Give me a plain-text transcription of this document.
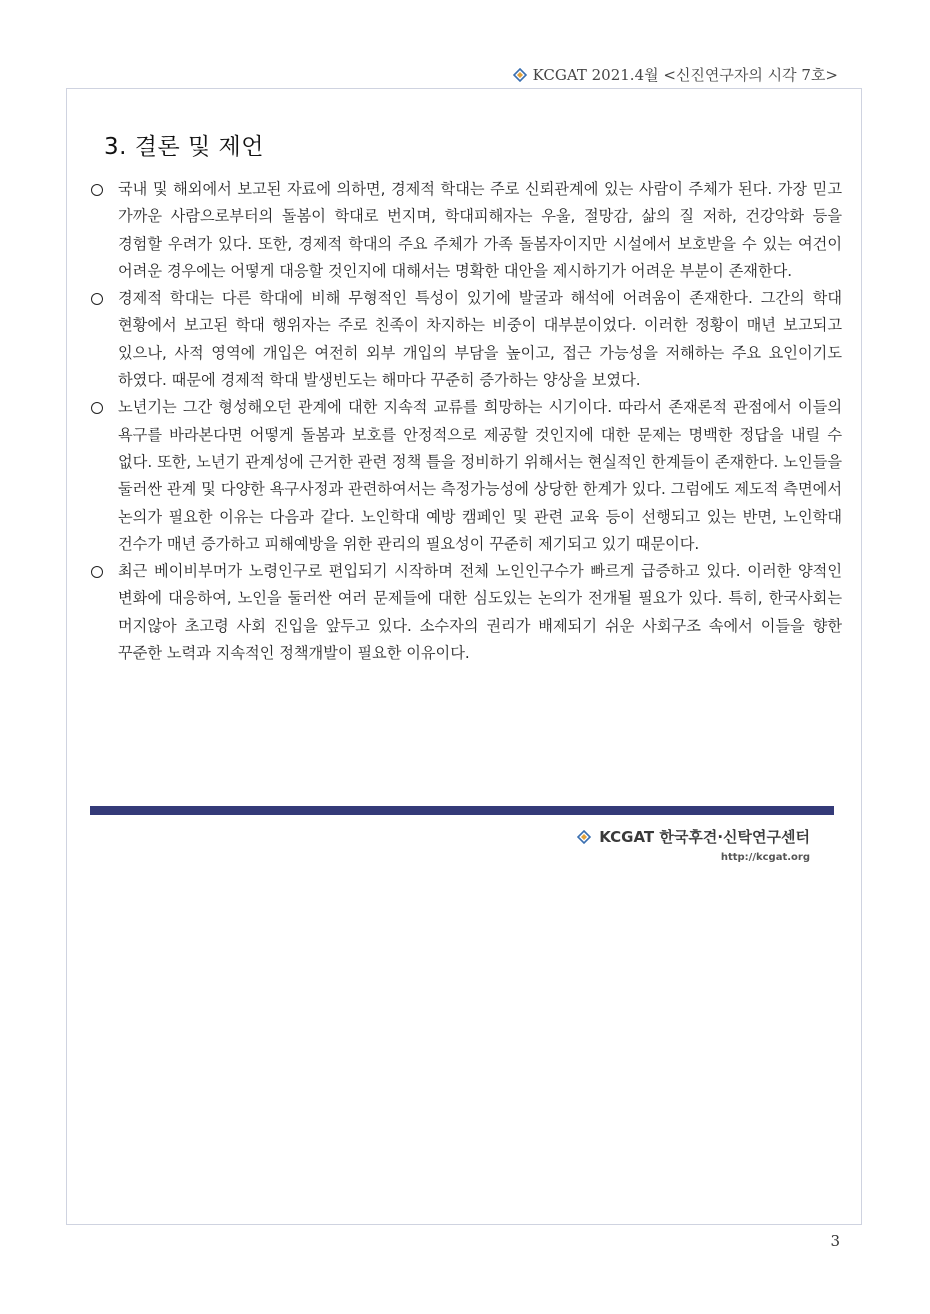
KCGAT 2021.4월 <신진연구자의 시각 7호>
3. 결론 및 제언
국내 및 해외에서 보고된 자료에 의하면, 경제적 학대는 주로 신뢰관계에 있는 사람이 주체가 된다. 가장 믿고 가까운 사람으로부터의 돌봄이 학대로 번지며, 학대피해자는 우울, 절망감, 삶의 질 저하, 건강악화 등을 경험할 우려가 있다. 또한, 경제적 학대의 주요 주체가 가족 돌봄자이지만 시설에서 보호받을 수 있는 여건이 어려운 경우에는 어떻게 대응할 것인지에 대해서는 명확한 대안을 제시하기가 어려운 부분이 존재한다.
경제적 학대는 다른 학대에 비해 무형적인 특성이 있기에 발굴과 해석에 어려움이 존재한다. 그간의 학대 현황에서 보고된 학대 행위자는 주로 친족이 차지하는 비중이 대부분이었다. 이러한 정황이 매년 보고되고 있으나, 사적 영역에 개입은 여전히 외부 개입의 부담을 높이고, 접근 가능성을 저해하는 주요 요인이기도 하였다. 때문에 경제적 학대 발생빈도는 해마다 꾸준히 증가하는 양상을 보였다.
노년기는 그간 형성해오던 관계에 대한 지속적 교류를 희망하는 시기이다. 따라서 존재론적 관점에서 이들의 욕구를 바라본다면 어떻게 돌봄과 보호를 안정적으로 제공할 것인지에 대한 문제는 명백한 정답을 내릴 수 없다. 또한, 노년기 관계성에 근거한 관련 정책 틀을 정비하기 위해서는 현실적인 한계들이 존재한다. 노인들을 둘러싼 관계 및 다양한 욕구사정과 관련하여서는 측정가능성에 상당한 한계가 있다. 그럼에도 제도적 측면에서 논의가 필요한 이유는 다음과 같다. 노인학대 예방 캠페인 및 관련 교육 등이 선행되고 있는 반면, 노인학대 건수가 매년 증가하고 피해예방을 위한 관리의 필요성이 꾸준히 제기되고 있기 때문이다.
최근 베이비부머가 노령인구로 편입되기 시작하며 전체 노인인구수가 빠르게 급증하고 있다. 이러한 양적인 변화에 대응하여, 노인을 둘러싼 여러 문제들에 대한 심도있는 논의가 전개될 필요가 있다. 특히, 한국사회는 머지않아 초고령 사회 진입을 앞두고 있다. 소수자의 권리가 배제되기 쉬운 사회구조 속에서 이들을 향한 꾸준한 노력과 지속적인 정책개발이 필요한 이유이다.
KCGAT 한국후견·신탁연구센터
http://kcgat.org
3
